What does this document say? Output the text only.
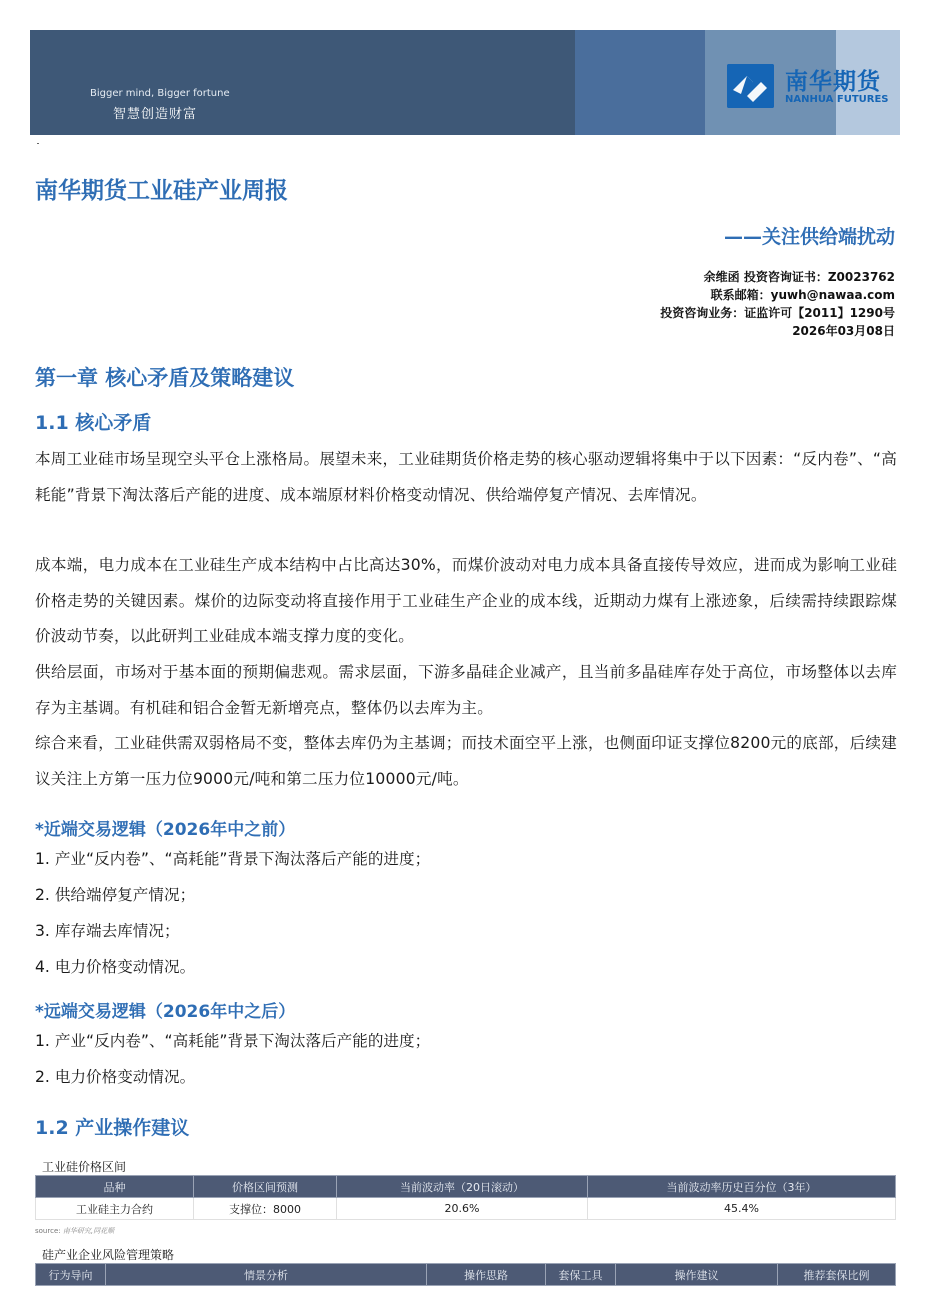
Bigger mind, Bigger fortune
智慧创造财富
南华期货
NANHUA FUTURES
南华期货工业硅产业周报
——关注供给端扰动
余维函 投资咨询证书：Z0023762
联系邮箱：yuwh@nawaa.com
投资咨询业务：证监许可【2011】1290号
2026年03月08日
第一章 核心矛盾及策略建议
1.1 核心矛盾

本周工业硅市场呈现空头平仓上涨格局。展望未来，工业硅期货价格走势的核心驱动逻辑将集中于以下因素：“反内卷”、“高耗能”背景下淘汰落后产能的进度、成本端原材料价格变动情况、供给端停复产情况、去库情况。

成本端，电力成本在工业硅生产成本结构中占比高达30%，而煤价波动对电力成本具备直接传导效应，进而成为影响工业硅价格走势的关键因素。煤价的边际变动将直接作用于工业硅生产企业的成本线，近期动力煤有上涨迹象，后续需持续跟踪煤价波动节奏，以此研判工业硅成本端支撑力度的变化。

供给层面，市场对于基本面的预期偏悲观。需求层面，下游多晶硅企业减产，且当前多晶硅库存处于高位，市场整体以去库存为主基调。有机硅和铝合金暂无新增亮点，整体仍以去库为主。

综合来看，工业硅供需双弱格局不变，整体去库仍为主基调；而技术面空平上涨，也侧面印证支撑位8200元的底部，后续建议关注上方第一压力位9000元/吨和第二压力位10000元/吨。

*近端交易逻辑（2026年中之前）

1. 产业“反内卷”、“高耗能”背景下淘汰落后产能的进度；

2. 供给端停复产情况；

3. 库存端去库情况；

4. 电力价格变动情况。

*远端交易逻辑（2026年中之后）

1. 产业“反内卷”、“高耗能”背景下淘汰落后产能的进度；

2. 电力价格变动情况。

1.2 产业操作建议
工业硅价格区间
品种	价格区间预测	当前波动率（20日滚动）	当前波动率历史百分位（3年）
工业硅主力合约	支撑位：8000	20.6%	45.4%
source: 南华研究,同花顺
硅产业企业风险管理策略
行为导向	情景分析	操作思路	套保工具	操作建议	推荐套保比例
